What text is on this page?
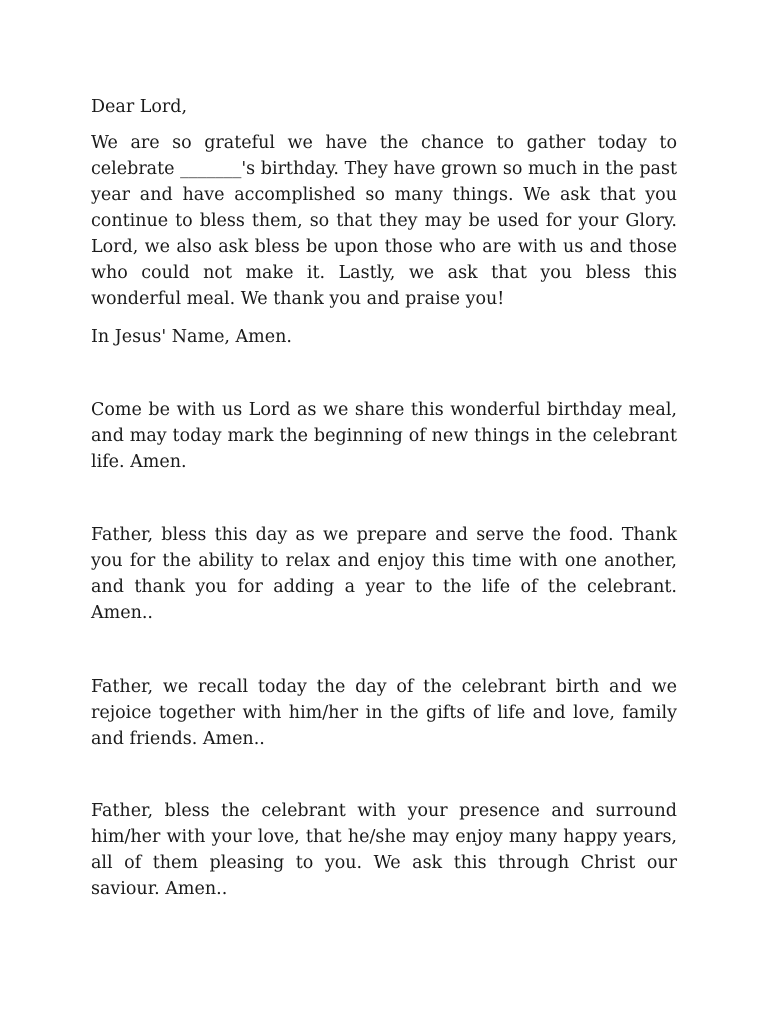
Dear Lord,

We are so grateful we have the chance to gather today to celebrate _______'s birthday. They have grown so much in the past year and have accomplished so many things. We ask that you continue to bless them, so that they may be used for your Glory. Lord, we also ask bless be upon those who are with us and those who could not make it. Lastly, we ask that you bless this wonderful meal. We thank you and praise you!

In Jesus' Name, Amen.

Come be with us Lord as we share this wonderful birthday meal, and may today mark the beginning of new things in the celebrant life. Amen.

Father, bless this day as we prepare and serve the food. Thank you for the ability to relax and enjoy this time with one another, and thank you for adding a year to the life of the celebrant. Amen..

Father, we recall today the day of the celebrant birth and we rejoice together with him/her in the gifts of life and love, family and friends. Amen..

Father, bless the celebrant with your presence and surround him/her with your love, that he/she may enjoy many happy years, all of them pleasing to you. We ask this through Christ our saviour. Amen..
